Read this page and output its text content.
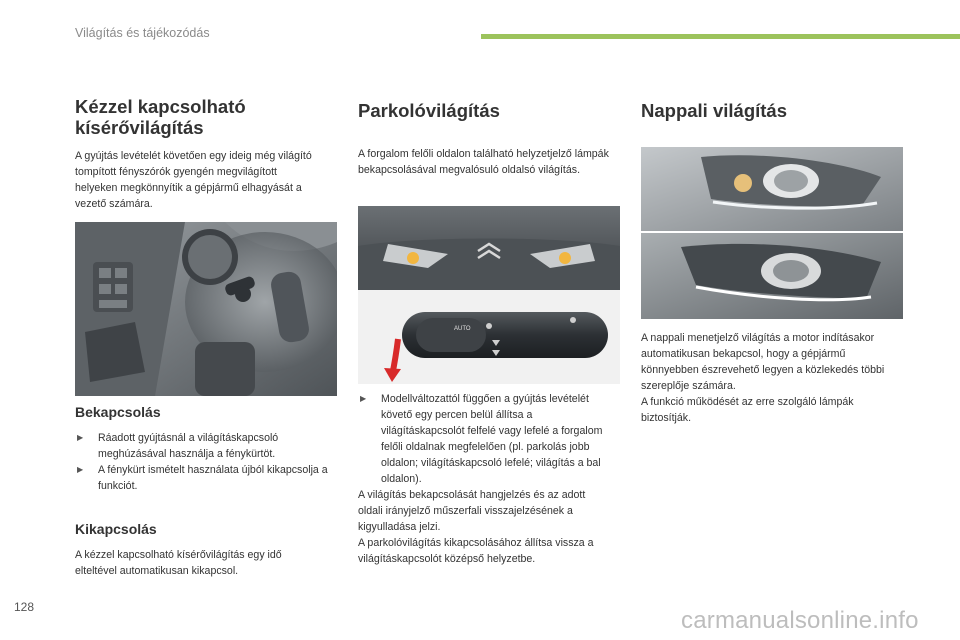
Világítás és tájékozódás
Kézzel kapcsolható
kísérővilágítás

A gyújtás levételét követően egy ideig még világító tompított fényszórók gyengén megvilágított helyeken megkönnyítik a gépjármű elhagyását a vezető számára.

Bekapcsolás
▶ Ráadott gyújtásnál a világításkapcsoló meghúzásával használja a fénykürtöt.
▶ A fénykürt ismételt használata újból kikapcsolja a funkciót.
Kikapcsolás

A kézzel kapcsolható kísérővilágítás egy idő elteltével automatikusan kikapcsol.

Parkolóvilágítás

A forgalom felőli oldalon található helyzetjelző lámpák bekapcsolásával megvalósuló oldalsó világítás.

AUTO
▶ Modellváltozattól függően a gyújtás levételét követő egy percen belül állítsa a világításkapcsolót felfelé vagy lefelé a forgalom felőli oldalnak megfelelően (pl. parkolás jobb oldalon; világításkapcsoló lefelé; világítás a bal oldalon).

A világítás bekapcsolását hangjelzés és az adott oldali irányjelző műszerfali visszajelzésének a kigyulladása jelzi.

A parkolóvilágítás kikapcsolásához állítsa vissza a világításkapcsolót középső helyzetbe.

Nappali világítás

A nappali menetjelző világítás a motor indításakor automatikusan bekapcsol, hogy a gépjármű könnyebben észrevehető legyen a közlekedés többi szereplője számára.

A funkció működését az erre szolgáló lámpák biztosítják.

128	carmanualsonline.info
